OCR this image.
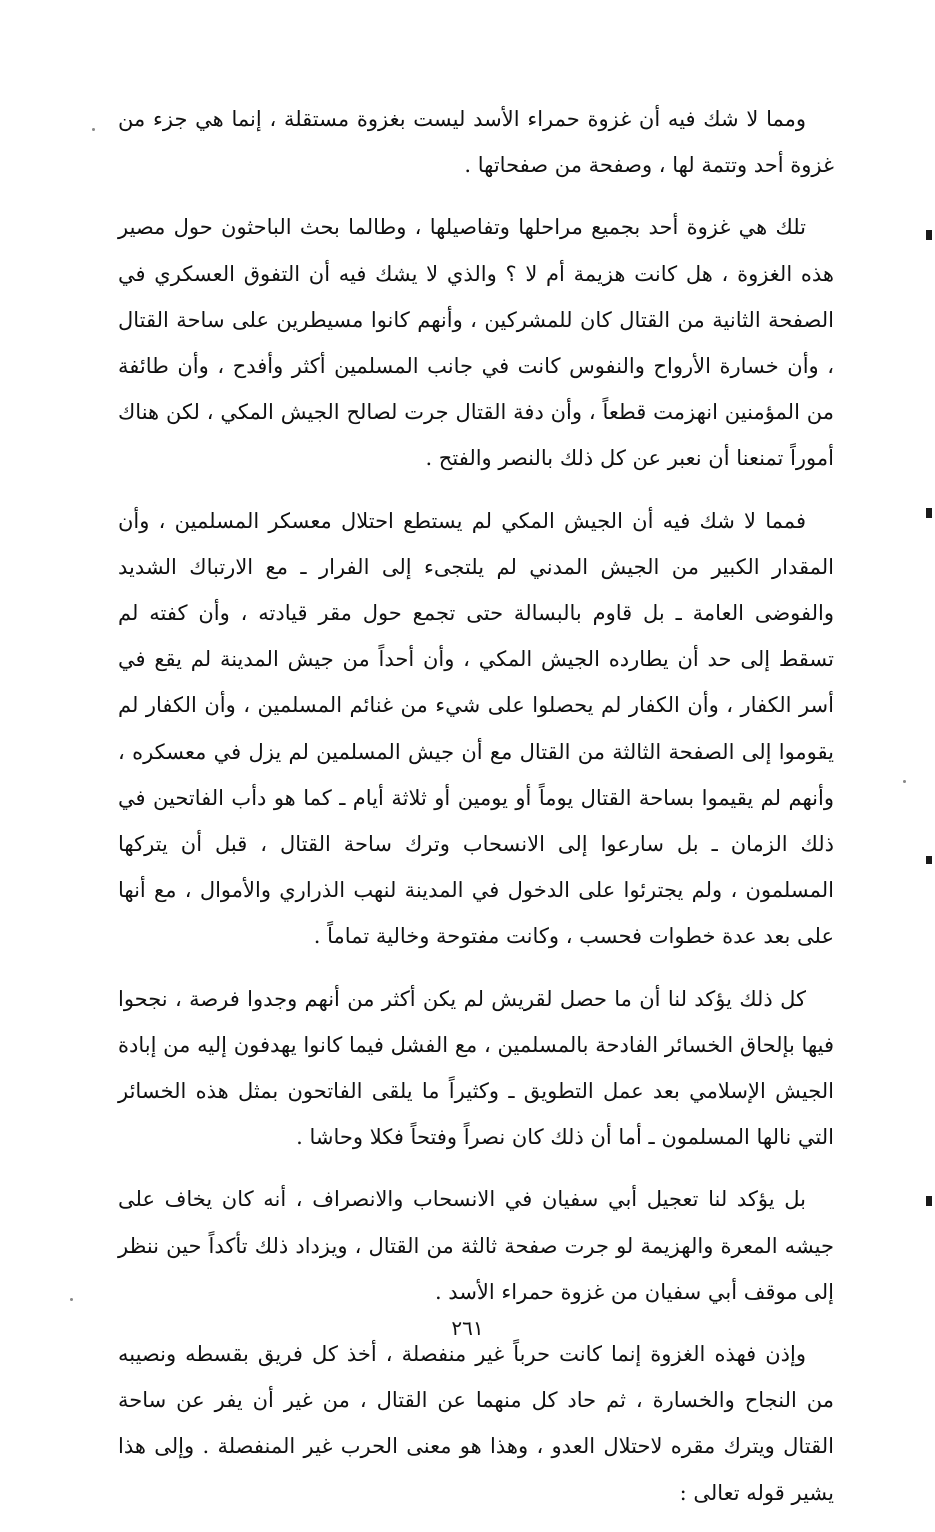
ومما لا شك فيه أن غزوة حمراء الأسد ليست بغزوة مستقلة ، إنما هي جزء من غزوة أحد وتتمة لها ، وصفحة من صفحاتها .

تلك هي غزوة أحد بجميع مراحلها وتفاصيلها ، وطالما بحث الباحثون حول مصير هذه الغزوة ، هل كانت هزيمة أم لا ؟ والذي لا يشك فيه أن التفوق العسكري في الصفحة الثانية من القتال كان للمشركين ، وأنهم كانوا مسيطرين على ساحة القتال ، وأن خسارة الأرواح والنفوس كانت في جانب المسلمين أكثر وأفدح ، وأن طائفة من المؤمنين انهزمت قطعاً ، وأن دفة القتال جرت لصالح الجيش المكي ، لكن هناك أموراً تمنعنا أن نعبر عن كل ذلك بالنصر والفتح .

فمما لا شك فيه أن الجيش المكي لم يستطع احتلال معسكر المسلمين ، وأن المقدار الكبير من الجيش المدني لم يلتجىء إلى الفرار ـ مع الارتباك الشديد والفوضى العامة ـ بل قاوم بالبسالة حتى تجمع حول مقر قيادته ، وأن كفته لم تسقط إلى حد أن يطارده الجيش المكي ، وأن أحداً من جيش المدينة لم يقع في أسر الكفار ، وأن الكفار لم يحصلوا على شيء من غنائم المسلمين ، وأن الكفار لم يقوموا إلى الصفحة الثالثة من القتال مع أن جيش المسلمين لم يزل في معسكره ، وأنهم لم يقيموا بساحة القتال يوماً أو يومين أو ثلاثة أيام ـ كما هو دأب الفاتحين في ذلك الزمان ـ بل سارعوا إلى الانسحاب وترك ساحة القتال ، قبل أن يتركها المسلمون ، ولم يجترئوا على الدخول في المدينة لنهب الذراري والأموال ، مع أنها على بعد عدة خطوات فحسب ، وكانت مفتوحة وخالية تماماً .

كل ذلك يؤكد لنا أن ما حصل لقريش لم يكن أكثر من أنهم وجدوا فرصة ، نجحوا فيها بإلحاق الخسائر الفادحة بالمسلمين ، مع الفشل فيما كانوا يهدفون إليه من إبادة الجيش الإسلامي بعد عمل التطويق ـ وكثيراً ما يلقى الفاتحون بمثل هذه الخسائر التي نالها المسلمون ـ أما أن ذلك كان نصراً وفتحاً فكلا وحاشا .

بل يؤكد لنا تعجيل أبي سفيان في الانسحاب والانصراف ، أنه كان يخاف على جيشه المعرة والهزيمة لو جرت صفحة ثالثة من القتال ، ويزداد ذلك تأكداً حين ننظر إلى موقف أبي سفيان من غزوة حمراء الأسد .

وإذن فهذه الغزوة إنما كانت حرباً غير منفصلة ، أخذ كل فريق بقسطه ونصيبه من النجاح والخسارة ، ثم حاد كل منهما عن القتال ، من غير أن يفر عن ساحة القتال ويترك مقره لاحتلال العدو ، وهذا هو معنى الحرب غير المنفصلة . وإلى هذا يشير قوله تعالى :

٢٦١
